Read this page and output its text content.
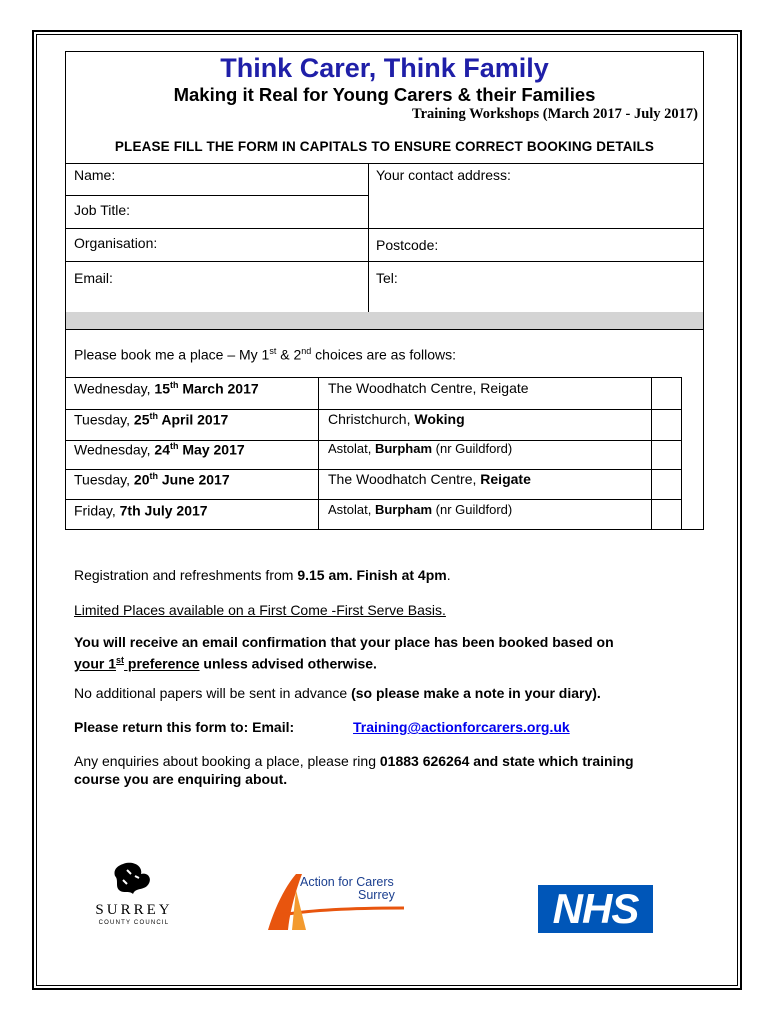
Think Carer, Think Family
Making it Real for Young Carers & their Families
Training Workshops (March 2017 - July 2017)
PLEASE FILL THE FORM IN CAPITALS TO ENSURE CORRECT BOOKING DETAILS
Name:	Your contact address:
Job Title:
Organisation:	Postcode:
Email:	Tel:
Please book me a place – My 1st & 2nd choices are as follows:
Wednesday, 15th March 2017	The Woodhatch Centre, Reigate
Tuesday, 25th April 2017	Christchurch, Woking
Wednesday, 24th May 2017	Astolat, Burpham (nr Guildford)
Tuesday, 20th June 2017	The Woodhatch Centre, Reigate
Friday, 7th July 2017	Astolat, Burpham (nr Guildford)
Registration and refreshments from 9.15 am. Finish at 4pm.
Limited Places available on a First Come -First Serve Basis.
You will receive an email confirmation that your place has been booked based on
your 1st preference unless advised otherwise.
No additional papers will be sent in advance (so please make a note in your diary).
Please return this form to: Email:	Training@actionforcarers.org.uk
Any enquiries about booking a place, please ring 01883 626264 and state which training
course you are enquiring about.
SURREY
COUNTY COUNCIL
Action for Carers
Surrey	NHS
